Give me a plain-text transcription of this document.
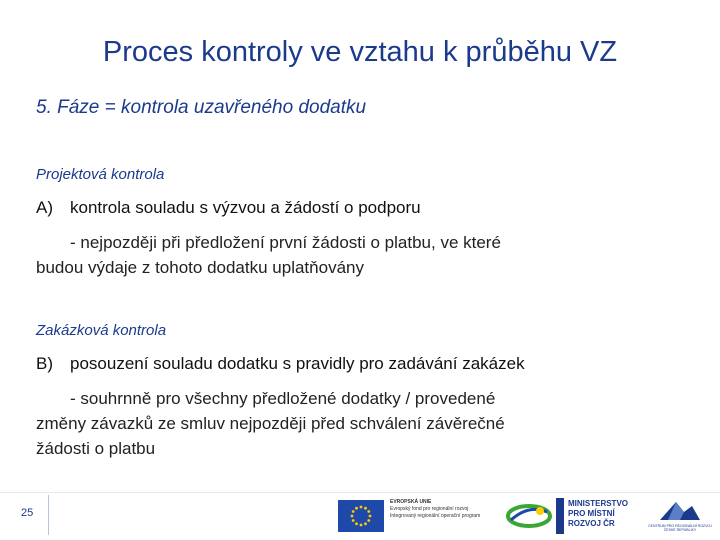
Proces kontroly ve vztahu k průběhu VZ
5. Fáze = kontrola uzavřeného dodatku
Projektová kontrola
A) kontrola souladu s výzvou a žádostí o podporu
- nejpozději při předložení první žádosti o platbu, ve které
budou výdaje z tohoto dodatku uplatňovány
Zakázková kontrola
B) posouzení souladu dodatku s pravidly pro zadávání zakázek
- souhrnně pro všechny předložené dodatky / provedené
změny závazků ze smluv nejpozději před schválení závěrečné
žádosti o platbu
25
EVROPSKÁ UNIE
Evropský fond pro regionální rozvoj
Integrovaný regionální operační program
MINISTERSTVO
PRO MÍSTNÍ
ROZVOJ ČR	CENTRUM PRO REGIONÁLNÍ ROZVOJ
ČESKÉ REPUBLIKY
